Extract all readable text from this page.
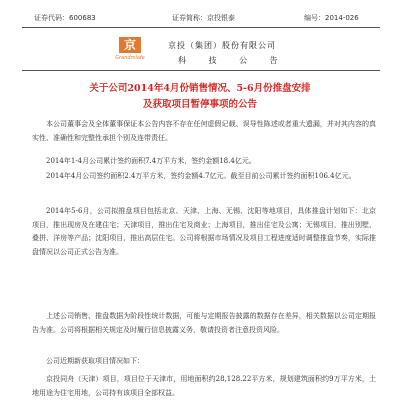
证券代码：600683	证券简称：京投银泰	编号：2014-026
京
Grandmlafe
京投（集团）股份有限公司
科 技 公 告
关于公司2014年4月份销售情况、5-6月份推盘安排
及获取项目暂停事项的公告

本公司董事会及全体董事保证本公告内容不存在任何虚假记载、误导性陈述或者重大遗漏，并对其内容的真实性、准确性和完整性承担个别及连带责任。

2014年1-4月公司累计签约面积7.4万平方米，签约金额18.4亿元。

2014年4月公司签约面积2.4万平方米，签约金额4.7亿元。截至目前公司累计签约面积106.4亿元。

2014年5-6月，公司拟推盘项目包括北京、天津、上海、无锡、沈阳等地项目，具体推盘计划如下：北京项目，推出现房及在建住宅；天津项目，推出住宅及商业；上海项目，推出住宅及公寓；无锡项目，推出别墅、叠拼、洋房等产品；沈阳项目，推出高层住宅。公司将根据市场情况及项目工程进度适时调整推盘节奏，实际推盘情况以公司正式公告为准。

上述公司销售、推盘数据为阶段性统计数据，可能与定期报告披露的数据存在差异，相关数据以公司定期报告为准。公司将根据相关规定及时履行信息披露义务，敬请投资者注意投资风险。

公司近期新获取项目情况如下：

京投同舟（天津）项目，项目位于天津市，用地面积约28,128.22平方米，规划建筑面积约9万平方米，土地用途为住宅用地，公司持有该项目全部权益。
